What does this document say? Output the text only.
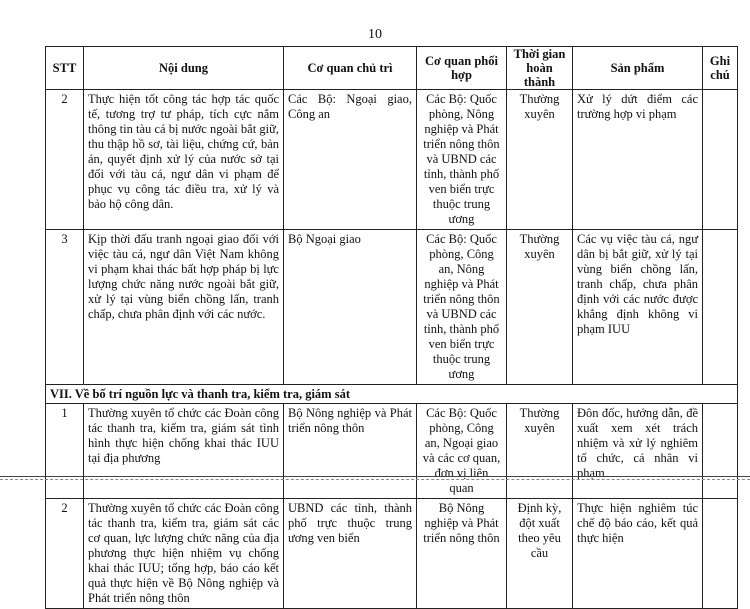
10
STT	Nội dung	Cơ quan chủ trì	Cơ quan phối hợp	Thời gian hoàn thành	Sản phẩm	Ghi chú
2	Thực hiện tốt công tác hợp tác quốc tế, tương trợ tư pháp, tích cực nắm thông tin tàu cá bị nước ngoài bắt giữ, thu thập hồ sơ, tài liệu, chứng cứ, bản án, quyết định xử lý của nước sở tại đối với tàu cá, ngư dân vi phạm để phục vụ công tác điều tra, xử lý và bảo hộ công dân.	Các Bộ: Ngoại giao, Công an	Các Bộ: Quốc phòng, Nông nghiệp và Phát triển nông thôn và UBND các tỉnh, thành phố ven biển trực thuộc trung ương	Thường xuyên	Xử lý dứt điểm các trường hợp vi phạm	
3	Kịp thời đấu tranh ngoại giao đối với việc tàu cá, ngư dân Việt Nam không vi phạm khai thác bất hợp pháp bị lực lượng chức năng nước ngoài bắt giữ, xử lý tại vùng biển chồng lấn, tranh chấp, chưa phân định với các nước.	Bộ Ngoại giao	Các Bộ: Quốc phòng, Công an, Nông nghiệp và Phát triển nông thôn và UBND các tỉnh, thành phố ven biển trực thuộc trung ương	Thường xuyên	Các vụ việc tàu cá, ngư dân bị bắt giữ, xử lý tại vùng biển chồng lấn, tranh chấp, chưa phân định với các nước được khẳng định không vi phạm IUU	
VII. Về bố trí nguồn lực và thanh tra, kiểm tra, giám sát						
1	Thường xuyên tổ chức các Đoàn công tác thanh tra, kiểm tra, giám sát tình hình thực hiện chống khai thác IUU tại địa phương	Bộ Nông nghiệp và Phát triển nông thôn	Các Bộ: Quốc phòng, Công an, Ngoại giao và các cơ quan, đơn vị liên quan	Thường xuyên	Đôn đốc, hướng dẫn, đề xuất xem xét trách nhiệm và xử lý nghiêm tổ chức, cá nhân vi phạm	
2	Thường xuyên tổ chức các Đoàn công tác thanh tra, kiểm tra, giám sát các cơ quan, lực lượng chức năng của địa phương thực hiện nhiệm vụ chống khai thác IUU; tổng hợp, báo cáo kết quả thực hiện về Bộ Nông nghiệp và Phát triển nông thôn	UBND các tỉnh, thành phố trực thuộc trung ương ven biển	Bộ Nông nghiệp và Phát triển nông thôn	Định kỳ, đột xuất theo yêu cầu	Thực hiện nghiêm túc chế độ báo cáo, kết quả thực hiện	
